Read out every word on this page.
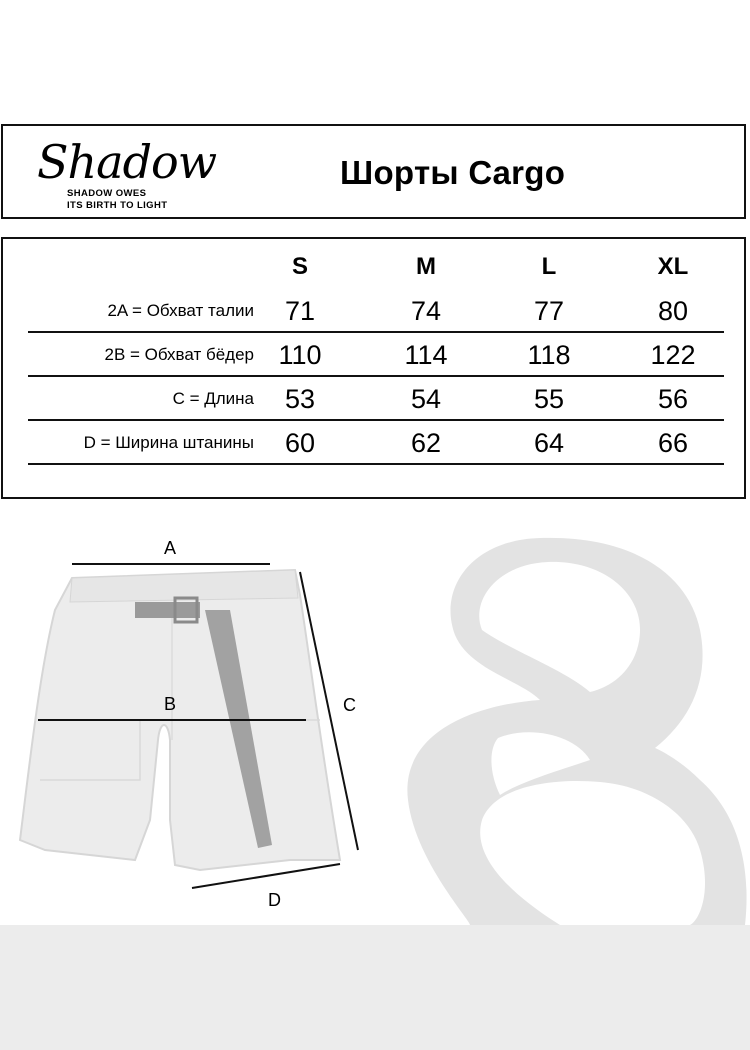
Shadow
SHADOW OWES
ITS BIRTH TO LIGHT
Шорты Cargo
S	M	L	XL
2A = Обхват талии	71	74	77	80
2B = Обхват бёдер 110	114	118	122
C = Длина	53	54	55	56
D = Ширина штанины	60	62	64	66
A
B	C
D
